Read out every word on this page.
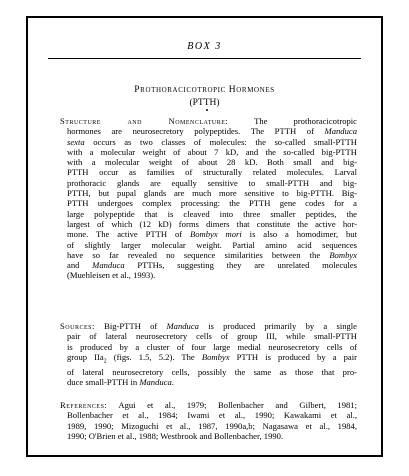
BOX 3
Prothoracicotropic Hormones
(PTTH)
Structure and Nomenclature: The prothoracicotropic
hormones are neurosecretory polypeptides. The PTTH of Manduca
sexta occurs as two classes of molecules: the so-called small-PTTH
with a molecular weight of about 7 kD, and the so-called big-PTTH
with a molecular weight of about 28 kD. Both small and big-
PTTH occur as families of structurally related molecules. Larval
prothoracic glands are equally sensitive to small-PTTH and big-
PTTH, but pupal glands are much more sensitive to big-PTTH. Big-
PTTH undergoes complex processing: the PTTH gene codes for a
large polypeptide that is cleaved into three smaller peptides, the
largest of which (12 kD) forms dimers that constitute the active hor-
mone. The active PTTH of Bombyx mori is also a homodimer, but
of slightly larger molecular weight. Partial amino acid sequences
have so far revealed no sequence similarities between the Bombyx
and Manduca PTTHs, suggesting they are unrelated molecules
(Muehleisen et al., 1993).
Sources: Big-PTTH of Manduca is produced primarily by a single
pair of lateral neurosecretory cells of group III, while small-PTTH
is produced by a cluster of four large medial neurosecretory cells of
group IIa$_2$ (figs. 1.5, 5.2). The Bombyx PTTH is produced by a pair
of lateral neurosecretory cells, possibly the same as those that pro-
duce small-PTTH in Manduca.
References: Agui et al., 1979; Bollenbacher and Gilbert, 1981;
Bollenbacher et al., 1984; Iwami et al., 1990; Kawakami et al.,
1989, 1990; Mizoguchi et al., 1987, 1990a,b; Nagasawa et al., 1984,
1990; O'Brien et al., 1988; Westbrook and Bollenbacher, 1990.
